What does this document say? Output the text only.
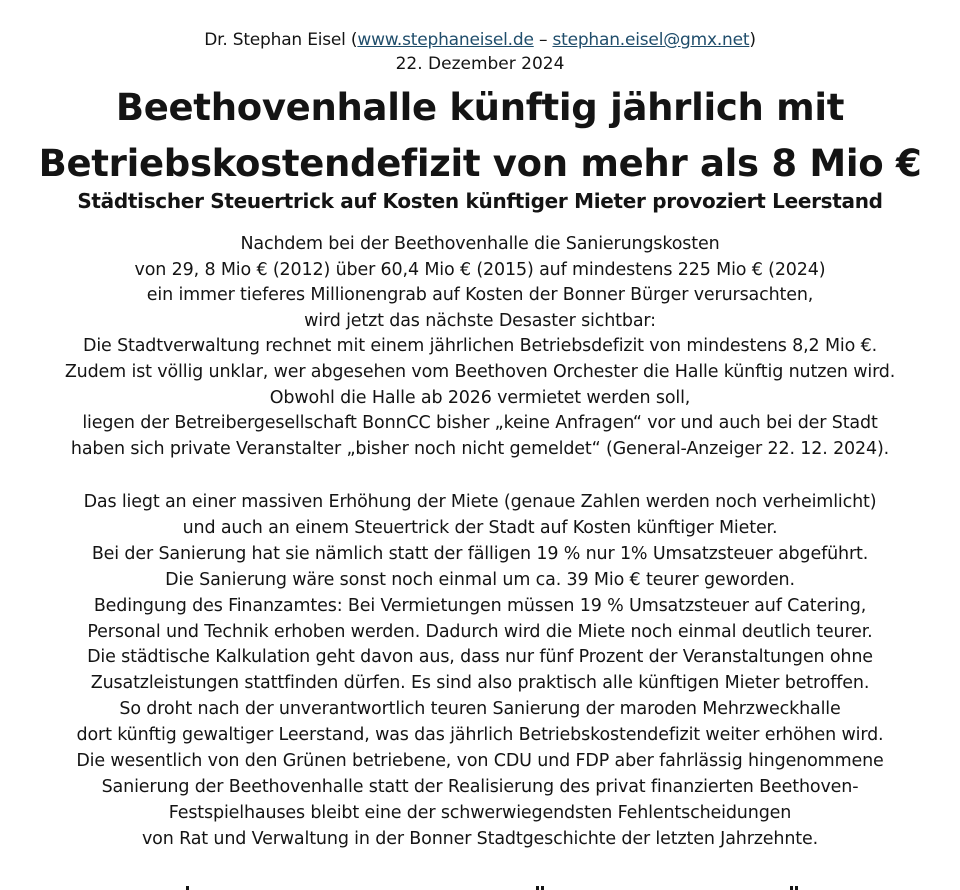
Dr. Stephan Eisel (www.stephaneisel.de – stephan.eisel@gmx.net)
22. Dezember 2024
Beethovenhalle künftig jährlich mit
Betriebskostendefizit von mehr als 8 Mio €
Städtischer Steuertrick auf Kosten künftiger Mieter provoziert Leerstand
Nachdem bei der Beethovenhalle die Sanierungskosten
von 29, 8 Mio € (2012) über 60,4 Mio € (2015) auf mindestens 225 Mio € (2024)
ein immer tieferes Millionengrab auf Kosten der Bonner Bürger verursachten,
wird jetzt das nächste Desaster sichtbar:
Die Stadtverwaltung rechnet mit einem jährlichen Betriebsdefizit von mindestens 8,2 Mio €.
Zudem ist völlig unklar, wer abgesehen vom Beethoven Orchester die Halle künftig nutzen wird.
Obwohl die Halle ab 2026 vermietet werden soll,
liegen der Betreibergesellschaft BonnCC bisher „keine Anfragen“ vor und auch bei der Stadt
haben sich private Veranstalter „bisher noch nicht gemeldet“ (General-Anzeiger 22. 12. 2024).
Das liegt an einer massiven Erhöhung der Miete (genaue Zahlen werden noch verheimlicht)
und auch an einem Steuertrick der Stadt auf Kosten künftiger Mieter.
Bei der Sanierung hat sie nämlich statt der fälligen 19 % nur 1% Umsatzsteuer abgeführt.
Die Sanierung wäre sonst noch einmal um ca. 39 Mio € teurer geworden.
Bedingung des Finanzamtes: Bei Vermietungen müssen 19 % Umsatzsteuer auf Catering,
Personal und Technik erhoben werden. Dadurch wird die Miete noch einmal deutlich teurer.
Die städtische Kalkulation geht davon aus, dass nur fünf Prozent der Veranstaltungen ohne
Zusatzleistungen stattfinden dürfen. Es sind also praktisch alle künftigen Mieter betroffen.
So droht nach der unverantwortlich teuren Sanierung der maroden Mehrzweckhalle
dort künftig gewaltiger Leerstand, was das jährlich Betriebskostendefizit weiter erhöhen wird.
Die wesentlich von den Grünen betriebene, von CDU und FDP aber fahrlässig hingenommene
Sanierung der Beethovenhalle statt der Realisierung des privat finanzierten Beethoven-
Festspielhauses bleibt eine der schwerwiegendsten Fehlentscheidungen
von Rat und Verwaltung in der Bonner Stadtgeschichte der letzten Jahrzehnte.
